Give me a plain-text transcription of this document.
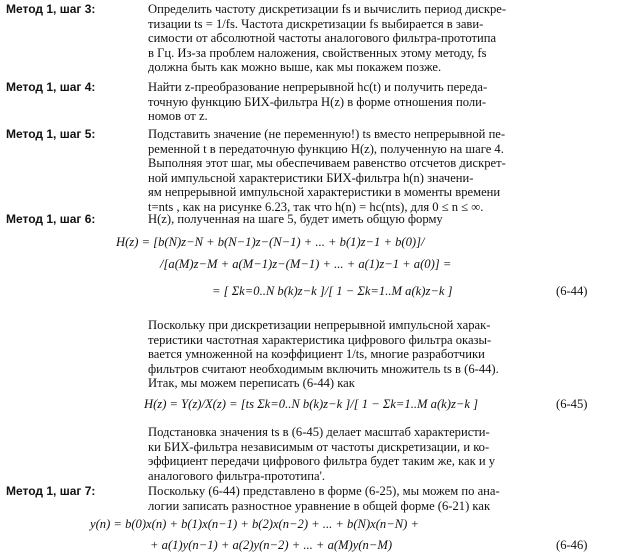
Метод 1, шаг 3:	Определить частоту дискретизации fs и вычислить период дискре-
тизации ts = 1/fs. Частота дискретизации fs выбирается в зави-
симости от абсолютной частоты аналогового фильтра-прототипа
в Гц. Из-за проблем наложения, свойственных этому методу, fs
должна быть как можно выше, как мы покажем позже.
Метод 1, шаг 4:	Найти z-преобразование непрерывной hc(t) и получить переда-
точную функцию БИХ-фильтра H(z) в форме отношения поли-
номов от z.
Метод 1, шаг 5:	Подставить значение (не переменную!) ts вместо непрерывной пе-
ременной t в передаточную функцию H(z), полученную на шаге 4.
Выполняя этот шаг, мы обеспечиваем равенство отсчетов дискрет-
ной импульсной характеристики БИХ-фильтра h(n) значени-
ям непрерывной импульсной характеристики в моменты времени
t=nts , как на рисунке 6.23, так что h(n) = hc(nts), для 0 ≤ n ≤ ∞.
Метод 1, шаг 6:	H(z), полученная на шаге 5, будет иметь общую форму
H(z) = [b(N)z−N + b(N−1)z−(N−1) + ... + b(1)z−1 + b(0)]/
/[a(M)z−M + a(M−1)z−(M−1) + ... + a(1)z−1 + a(0)] =
= [ Σk=0..N b(k)z−k ]/[ 1 − Σk=1..M a(k)z−k ]	(6-44)
Поскольку при дискретизации непрерывной импульсной харак-
теристики частотная характеристика цифрового фильтра оказы-
вается умноженной на коэффициент 1/ts, многие разработчики
фильтров считают необходимым включить множитель ts в (6-44).
Итак, мы можем переписать (6-44) как
H(z) = Y(z)/X(z) = [ts Σk=0..N b(k)z−k ]/[ 1 − Σk=1..M a(k)z−k ]	(6-45)
Подстановка значения ts в (6-45) делает масштаб характеристи-
ки БИХ-фильтра независимым от частоты дискретизации, и ко-
эффициент передачи цифрового фильтра будет таким же, как и у
аналогового фильтра-прототипа'.
Метод 1, шаг 7:	Поскольку (6-44) представлено в форме (6-25), мы можем по ана-
логии записать разностное уравнение в общей форме (6-21) как
y(n) = b(0)x(n) + b(1)x(n−1) + b(2)x(n−2) + ... + b(N)x(n−N) +
+ a(1)y(n−1) + a(2)y(n−2) + ... + a(M)y(n−M)	(6-46)
